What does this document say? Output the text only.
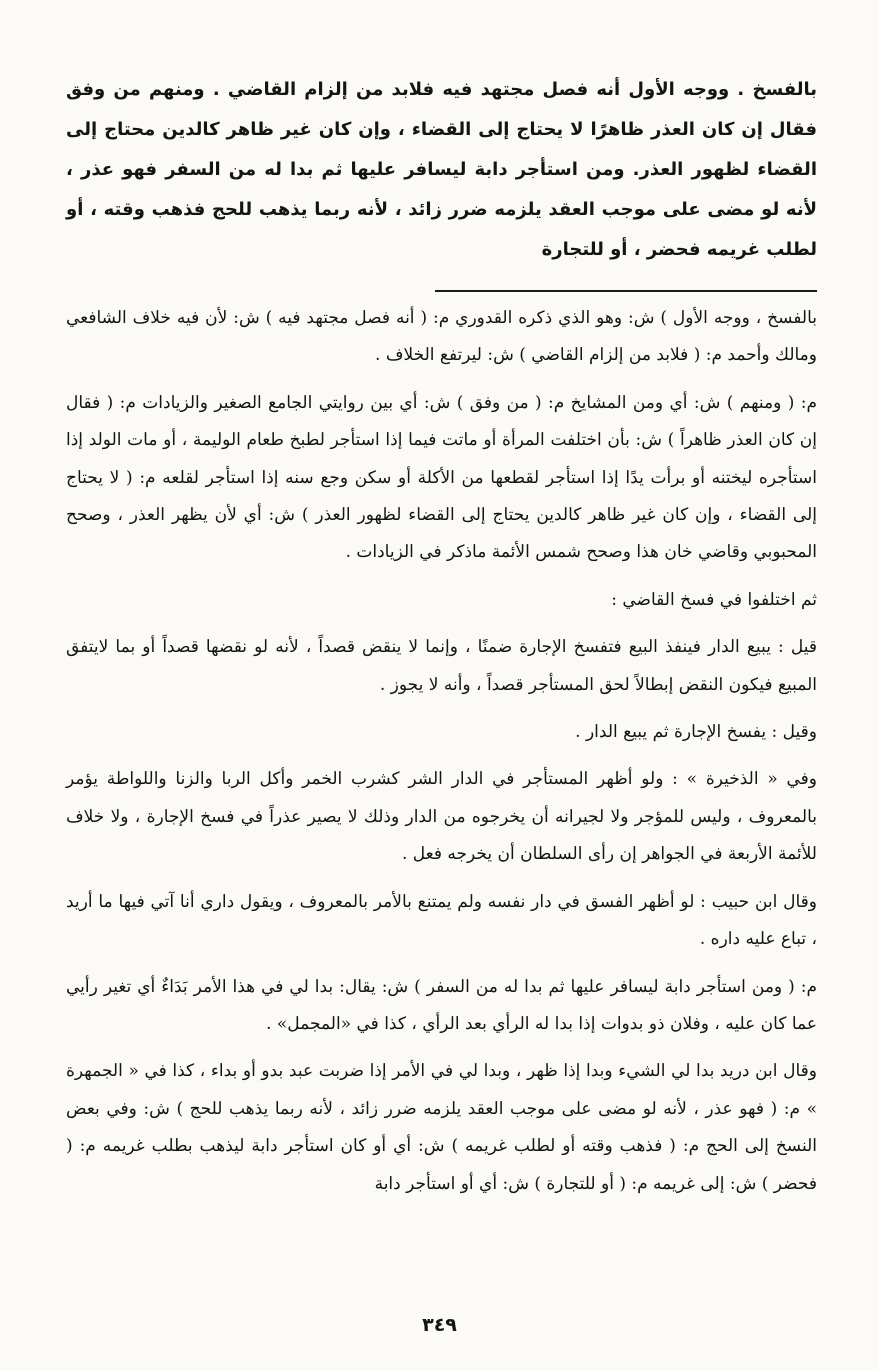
بالفسخ . ووجه الأول أنه فصل مجتهد فيه فلابد من إلزام القاضي . ومنهم من وفق فقال إن كان العذر ظاهرًا لا يحتاج إلى القضاء ، وإن كان غير ظاهر كالدين محتاج إلى القضاء لظهور العذر. ومن استأجر دابة ليسافر عليها ثم بدا له من السفر فهو عذر ، لأنه لو مضى على موجب العقد يلزمه ضرر زائد ، لأنه ربما يذهب للحج فذهب وقته ، أو لطلب غريمه فحضر ، أو للتجارة

بالفسخ ، ووجه الأول ) ش: وهو الذي ذكره القدوري م: ( أنه فصل مجتهد فيه ) ش: لأن فيه خلاف الشافعي ومالك وأحمد م: ( فلابد من إلزام القاضي ) ش: ليرتفع الخلاف .

م: ( ومنهم ) ش: أي ومن المشايخ م: ( من وفق ) ش: أي بين روايتي الجامع الصغير والزيادات م: ( فقال إن كان العذر ظاهراً ) ش: بأن اختلفت المرأة أو ماتت فيما إذا استأجر لطبخ طعام الوليمة ، أو مات الولد إذا استأجره ليختنه أو برأت يدًا إذا استأجر لقطعها من الأكلة أو سكن وجع سنه إذا استأجر لقلعه م: ( لا يحتاج إلى القضاء ، وإن كان غير ظاهر كالدين يحتاج إلى القضاء لظهور العذر ) ش: أي لأن يظهر العذر ، وصحح المحبوبي وقاضي خان هذا وصحح شمس الأئمة ماذكر في الزيادات .

ثم اختلفوا في فسخ القاضي :

قيل : يبيع الدار فينفذ البيع فتفسخ الإجارة ضمنًا ، وإنما لا ينقض قصداً ، لأنه لو نقضها قصداً أو بما لايتفق المبيع فيكون النقض إبطالاً لحق المستأجر قصداً ، وأنه لا يجوز .

وقيل : يفسخ الإجارة ثم يبيع الدار .

وفي « الذخيرة » : ولو أظهر المستأجر في الدار الشر كشرب الخمر وأكل الربا والزنا واللواطة يؤمر بالمعروف ، وليس للمؤجر ولا لجيرانه أن يخرجوه من الدار وذلك لا يصير عذراً في فسخ الإجارة ، ولا خلاف للأئمة الأربعة في الجواهر إن رأى السلطان أن يخرجه فعل .

وقال ابن حبيب : لو أظهر الفسق في دار نفسه ولم يمتنع بالأمر بالمعروف ، ويقول داري أنا آتي فيها ما أريد ، تباع عليه داره .

م: ( ومن استأجر دابة ليسافر عليها ثم بدا له من السفر ) ش: يقال: بدا لي في هذا الأمر بَدَاءٌ أي تغير رأيي عما كان عليه ، وفلان ذو بدوات إذا بدا له الرأي بعد الرأي ، كذا في «المجمل» .

وقال ابن دريد بدا لي الشيء وبدا إذا ظهر ، وبدا لي في الأمر إذا ضربت عبد بدو أو بداء ، كذا في « الجمهرة » م: ( فهو عذر ، لأنه لو مضى على موجب العقد يلزمه ضرر زائد ، لأنه ربما يذهب للحج ) ش: وفي بعض النسخ إلى الحج م: ( فذهب وقته أو لطلب غريمه ) ش: أي أو كان استأجر دابة ليذهب بطلب غريمه م: ( فحضر ) ش: إلى غريمه م: ( أو للتجارة ) ش: أي أو استأجر دابة

٣٤٩
